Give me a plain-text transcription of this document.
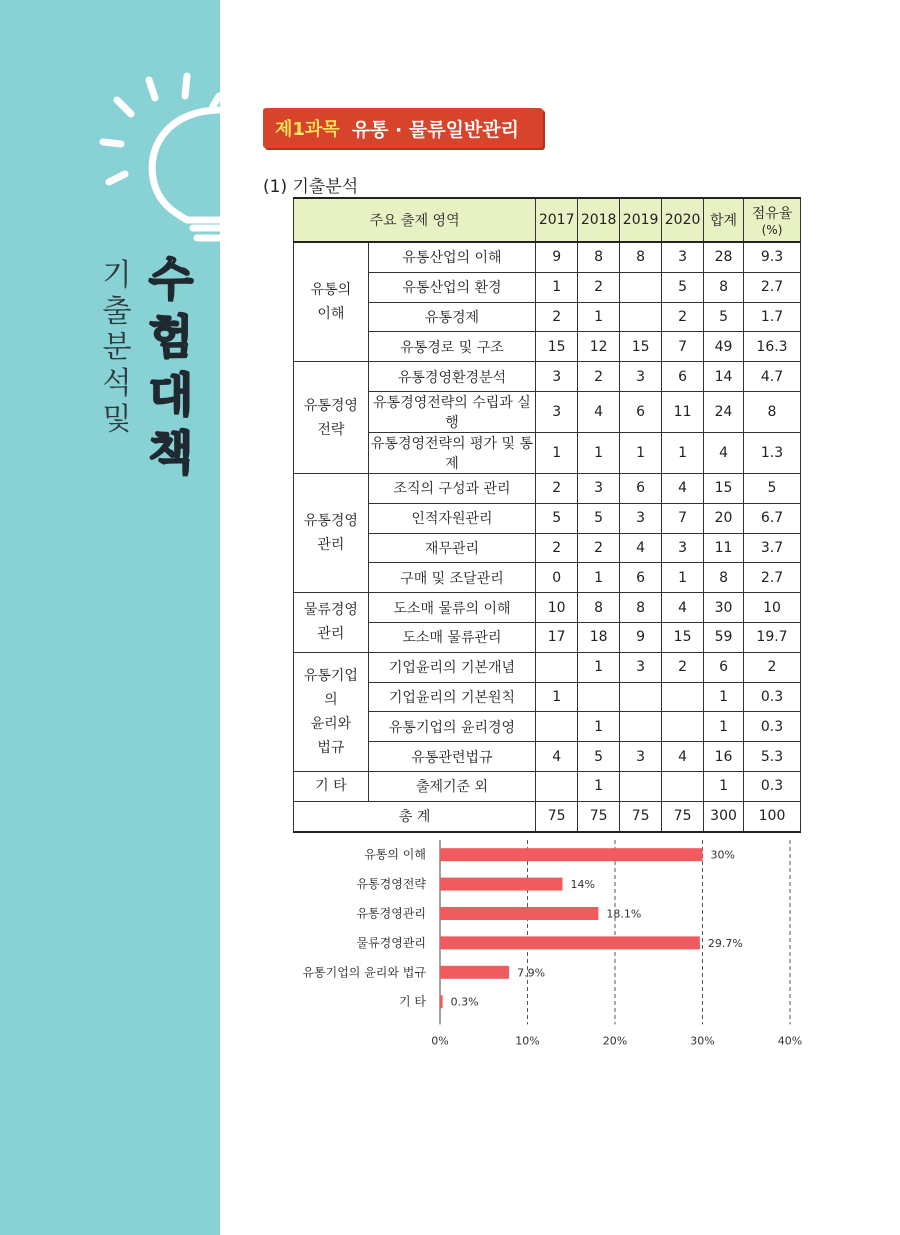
기출분석 및
수험대책
제1과목 유통 · 물류일반관리
(1) 기출분석
주요 출제 영역		2017	2018	2019	2020	합계	점유율

(%)

유통의
이해	유통산업의 이해	9	8	8	3	28	9.3
	유통산업의 환경	1	2		5	8	2.7
	유통경제	2	1		2	5	1.7
	유통경로 및 구조	15	12	15	7	49	16.3
유통경영
전략	유통경영환경분석	3	2	3	6	14	4.7
	유통경영전략의 수립과 실행	3	4	6	11	24	8
	유통경영전략의 평가 및 통제	1	1	1	1	4	1.3
유통경영
관리	조직의 구성과 관리	2	3	6	4	15	5
	인적자원관리	5	5	3	7	20	6.7
	재무관리	2	2	4	3	11	3.7
	구매 및 조달관리	0	1	6	1	8	2.7
물류경영
관리	도소매 물류의 이해	10	8	8	4	30	10
	도소매 물류관리	17	18	9	15	59	19.7
유통기업
의
윤리와
법규	기업윤리의 기본개념		1	3	2	6	2
	기업윤리의 기본원칙	1				1	0.3
	유통기업의 윤리경영		1			1	0.3
	유통관련법규	4	5	3	4	16	5.3
기 타	출제기준 외		1			1	0.3
총 계		75	75	75	75	300	100
0%	10%	20%	30%	40%
유통의 이해	30%
유통경영전략	14%
유통경영관리	18.1%
물류경영관리	29.7%
유통기업의 윤리와 법규	7.9%
기 타 0.3%
